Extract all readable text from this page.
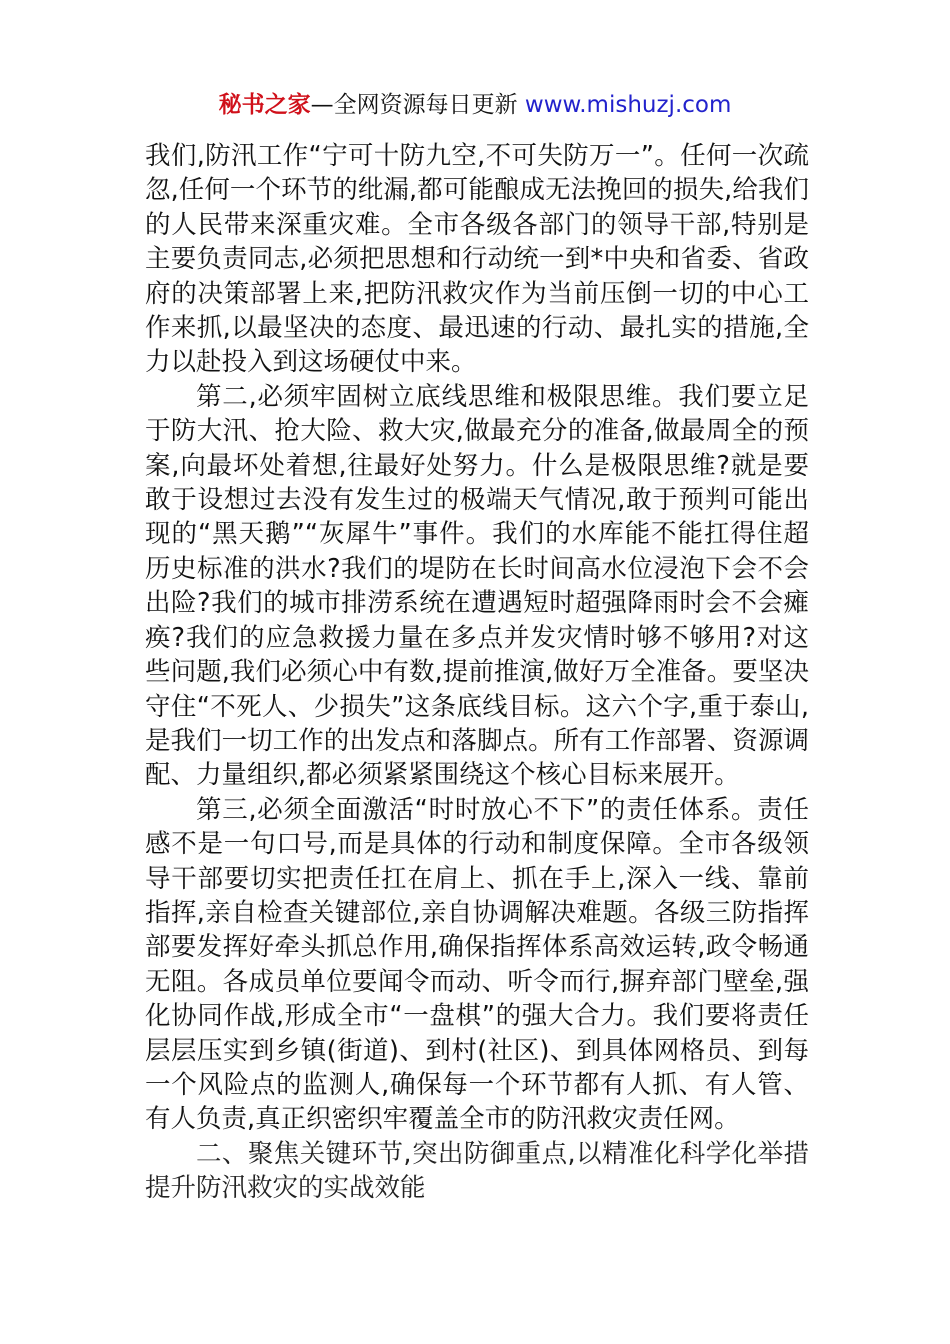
秘书之家—全网资源每日更新 www.mishuzj.com

我们,防汛工作“宁可十防九空,不可失防万一”。任何一次疏忽,任何一个环节的纰漏,都可能酿成无法挽回的损失,给我们的人民带来深重灾难。全市各级各部门的领导干部,特别是主要负责同志,必须把思想和行动统一到*中央和省委、省政府的决策部署上来,把防汛救灾作为当前压倒一切的中心工作来抓,以最坚决的态度、最迅速的行动、最扎实的措施,全力以赴投入到这场硬仗中来。

第二,必须牢固树立底线思维和极限思维。我们要立足于防大汛、抢大险、救大灾,做最充分的准备,做最周全的预案,向最坏处着想,往最好处努力。什么是极限思维?就是要敢于设想过去没有发生过的极端天气情况,敢于预判可能出现的“黑天鹅”“灰犀牛”事件。我们的水库能不能扛得住超历史标准的洪水?我们的堤防在长时间高水位浸泡下会不会出险?我们的城市排涝系统在遭遇短时超强降雨时会不会瘫痪?我们的应急救援力量在多点并发灾情时够不够用?对这些问题,我们必须心中有数,提前推演,做好万全准备。要坚决守住“不死人、少损失”这条底线目标。这六个字,重于泰山,是我们一切工作的出发点和落脚点。所有工作部署、资源调配、力量组织,都必须紧紧围绕这个核心目标来展开。

第三,必须全面激活“时时放心不下”的责任体系。责任感不是一句口号,而是具体的行动和制度保障。全市各级领导干部要切实把责任扛在肩上、抓在手上,深入一线、靠前指挥,亲自检查关键部位,亲自协调解决难题。各级三防指挥部要发挥好牵头抓总作用,确保指挥体系高效运转,政令畅通无阻。各成员单位要闻令而动、听令而行,摒弃部门壁垒,强化协同作战,形成全市“一盘棋”的强大合力。我们要将责任层层压实到乡镇(街道)、到村(社区)、到具体网格员、到每一个风险点的监测人,确保每一个环节都有人抓、有人管、有人负责,真正织密织牢覆盖全市的防汛救灾责任网。

二、聚焦关键环节,突出防御重点,以精准化科学化举措提升防汛救灾的实战效能
